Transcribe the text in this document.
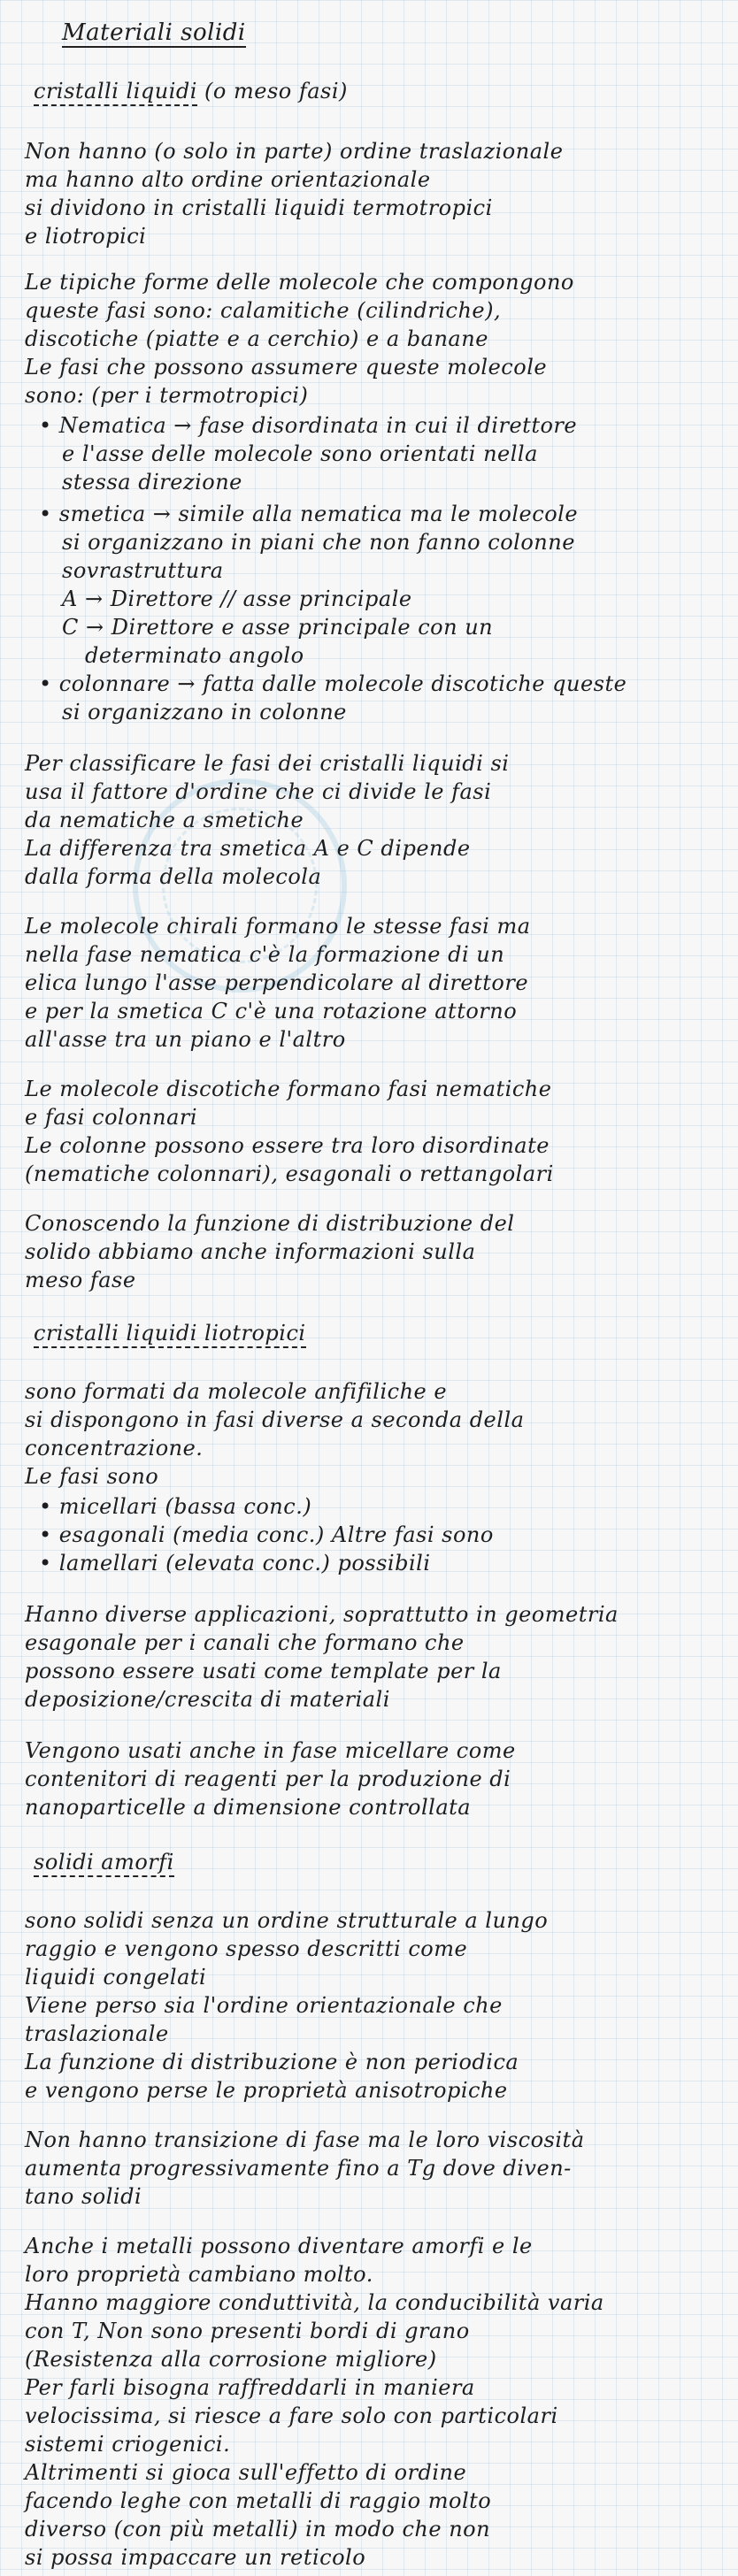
Materiali solidi
cristalli liquidi (o meso fasi)
Non hanno (o solo in parte) ordine traslazionale
ma hanno alto ordine orientazionale
si dividono in cristalli liquidi termotropici
e liotropici
Le tipiche forme delle molecole che compongono
queste fasi sono: calamitiche (cilindriche),
discotiche (piatte e a cerchio) e a banane
Le fasi che possono assumere queste molecole
sono: (per i termotropici)
• Nematica → fase disordinata in cui il direttore
e l'asse delle molecole sono orientati nella
stessa direzione
• smetica → simile alla nematica ma le molecole
si organizzano in piani che non fanno colonne
sovrastruttura
A → Direttore // asse principale
C → Direttore e asse principale con un
determinato angolo
• colonnare → fatta dalle molecole discotiche queste
si organizzano in colonne
Per classificare le fasi dei cristalli liquidi si
usa il fattore d'ordine che ci divide le fasi
da nematiche a smetiche
La differenza tra smetica A e C dipende
dalla forma della molecola
Le molecole chirali formano le stesse fasi ma
nella fase nematica c'è la formazione di un
elica lungo l'asse perpendicolare al direttore
e per la smetica C c'è una rotazione attorno
all'asse tra un piano e l'altro
Le molecole discotiche formano fasi nematiche
e fasi colonnari
Le colonne possono essere tra loro disordinate
(nematiche colonnari), esagonali o rettangolari
Conoscendo la funzione di distribuzione del
solido abbiamo anche informazioni sulla
meso fase
cristalli liquidi liotropici
sono formati da molecole anfifiliche e
si dispongono in fasi diverse a seconda della
concentrazione.
Le fasi sono
• micellari (bassa conc.)
• esagonali (media conc.) Altre fasi sono
• lamellari (elevata conc.) possibili
Hanno diverse applicazioni, soprattutto in geometria
esagonale per i canali che formano che
possono essere usati come template per la
deposizione/crescita di materiali
Vengono usati anche in fase micellare come
contenitori di reagenti per la produzione di
nanoparticelle a dimensione controllata
solidi amorfi
sono solidi senza un ordine strutturale a lungo
raggio e vengono spesso descritti come
liquidi congelati
Viene perso sia l'ordine orientazionale che
traslazionale
La funzione di distribuzione è non periodica
e vengono perse le proprietà anisotropiche
Non hanno transizione di fase ma le loro viscosità
aumenta progressivamente fino a Tg dove diven-
tano solidi
Anche i metalli possono diventare amorfi e le
loro proprietà cambiano molto.
Hanno maggiore conduttività, la conducibilità varia
con T, Non sono presenti bordi di grano
(Resistenza alla corrosione migliore)
Per farli bisogna raffreddarli in maniera
velocissima, si riesce a fare solo con particolari
sistemi criogenici.
Altrimenti si gioca sull'effetto di ordine
facendo leghe con metalli di raggio molto
diverso (con più metalli) in modo che non
si possa impaccare un reticolo
